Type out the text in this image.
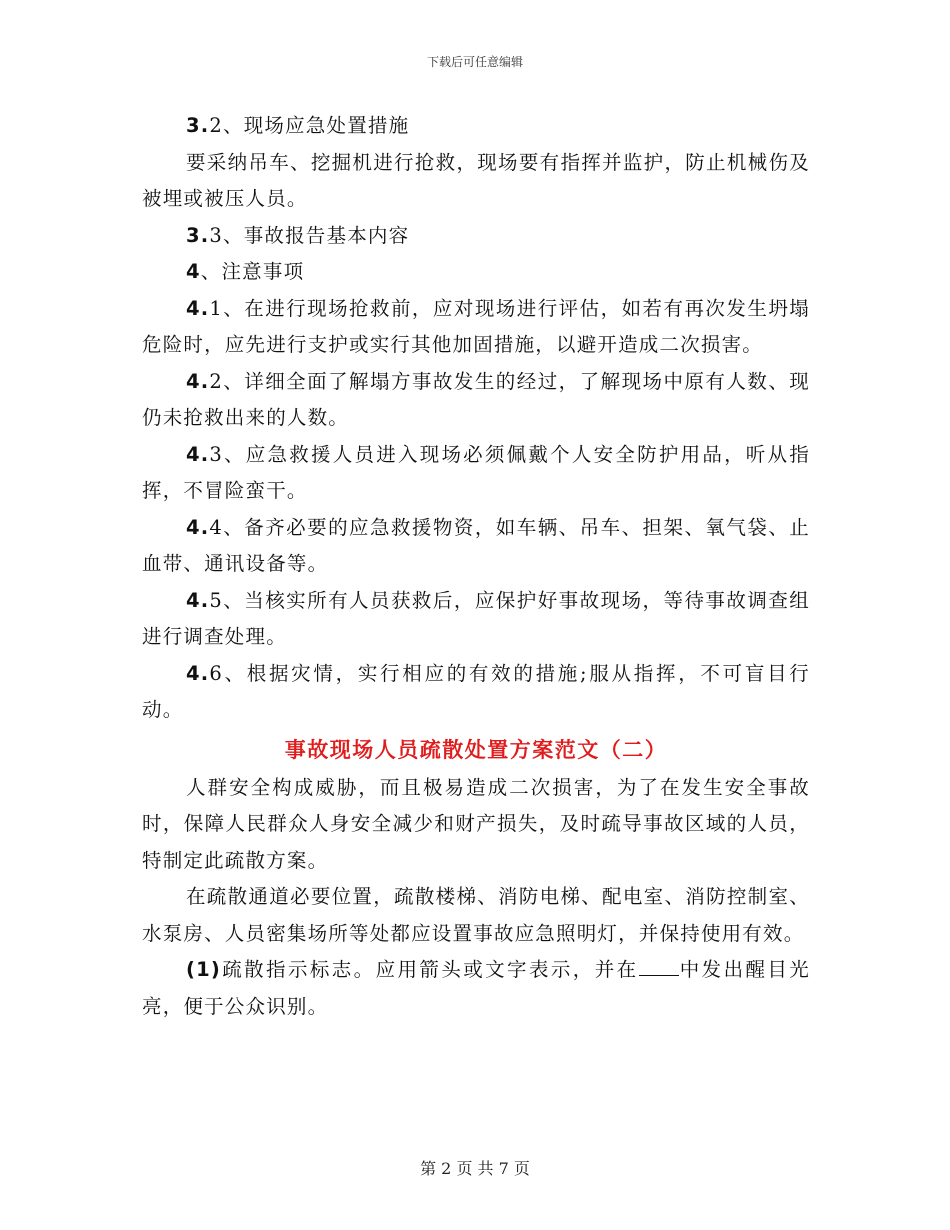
下载后可任意编辑

3.2、现场应急处置措施

要采纳吊车、挖掘机进行抢救，现场要有指挥并监护，防止机械伤及被埋或被压人员。

3.3、事故报告基本内容

4、注意事项

4.1、在进行现场抢救前，应对现场进行评估，如若有再次发生坍塌危险时，应先进行支护或实行其他加固措施，以避开造成二次损害。

4.2、详细全面了解塌方事故发生的经过，了解现场中原有人数、现仍未抢救出来的人数。

4.3、应急救援人员进入现场必须佩戴个人安全防护用品，听从指挥，不冒险蛮干。

4.4、备齐必要的应急救援物资，如车辆、吊车、担架、氧气袋、止血带、通讯设备等。

4.5、当核实所有人员获救后，应保护好事故现场，等待事故调查组进行调查处理。

4.6、根据灾情，实行相应的有效的措施;服从指挥，不可盲目行动。

事故现场人员疏散处置方案范文（二）

人群安全构成威胁，而且极易造成二次损害，为了在发生安全事故时，保障人民群众人身安全减少和财产损失，及时疏导事故区域的人员，特制定此疏散方案。

在疏散通道必要位置，疏散楼梯、消防电梯、配电室、消防控制室、水泵房、人员密集场所等处都应设置事故应急照明灯，并保持使用有效。

(1)疏散指示标志。应用箭头或文字表示，并在 中发出醒目光亮，便于公众识别。

第 2 页 共 7 页
